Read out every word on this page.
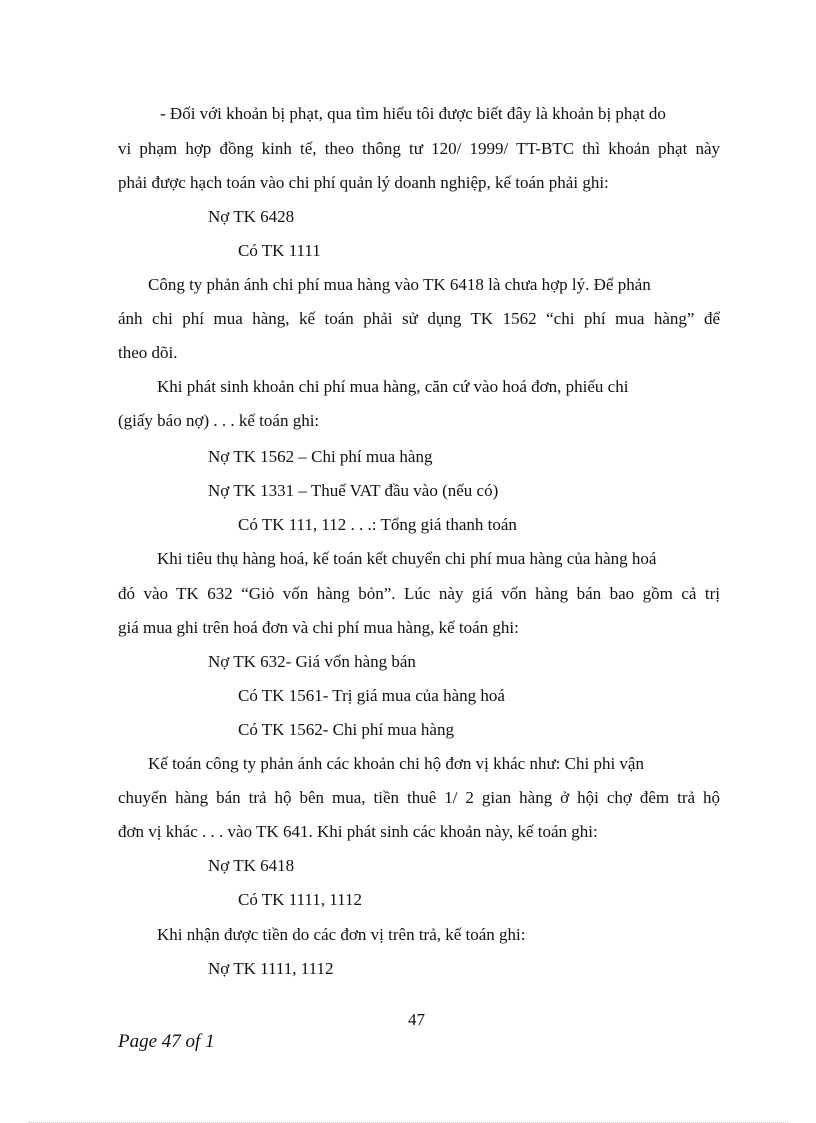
- Đối với khoản bị phạt, qua tìm hiểu tôi được biết đây là khoản bị phạt do
vi phạm hợp đồng kinh tế, theo thông tư 120/ 1999/ TT-BTC thì khoản phạt này
phải được hạch toán vào chi phí quản lý doanh nghiệp, kế toán phải ghi:
Nợ TK 6428
Có TK 1111
Công ty phản ánh chi phí mua hàng vào TK 6418 là chưa hợp lý. Để phản
ánh chi phí mua hàng, kế toán phải sử dụng TK 1562 “chi phí mua hàng” để
theo dõi.
Khi phát sinh khoản chi phí mua hàng, căn cứ vào hoá đơn, phiếu chi
(giấy báo nợ) . . . kế toán ghi:
Nợ TK 1562 – Chi phí mua hàng
Nợ TK 1331 – Thuế VAT đầu vào (nếu có)
Có TK 111, 112 . . .: Tổng giá thanh toán
Khi tiêu thụ hàng hoá, kế toán kết chuyển chi phí mua hàng của hàng hoá
đó vào TK 632 “Giỏ vốn hàng bỏn”. Lúc này giá vốn hàng bán bao gồm cả trị
giá mua ghi trên hoá đơn và chi phí mua hàng, kế toán ghi:
Nợ TK 632- Giá vốn hàng bán
Có TK 1561- Trị giá mua của hàng hoá
Có TK 1562- Chi phí mua hàng
Kế toán công ty phản ánh các khoản chi hộ đơn vị khác như: Chi phi vận
chuyển hàng bán trả hộ bên mua, tiền thuê 1/ 2 gian hàng ở hội chợ đêm trả hộ
đơn vị khác . . . vào TK 641. Khi phát sinh các khoản này, kế toán ghi:
Nợ TK 6418
Có TK 1111, 1112
Khi nhận được tiền do các đơn vị trên trả, kế toán ghi:
Nợ TK 1111, 1112
47
Page 47 of 1
